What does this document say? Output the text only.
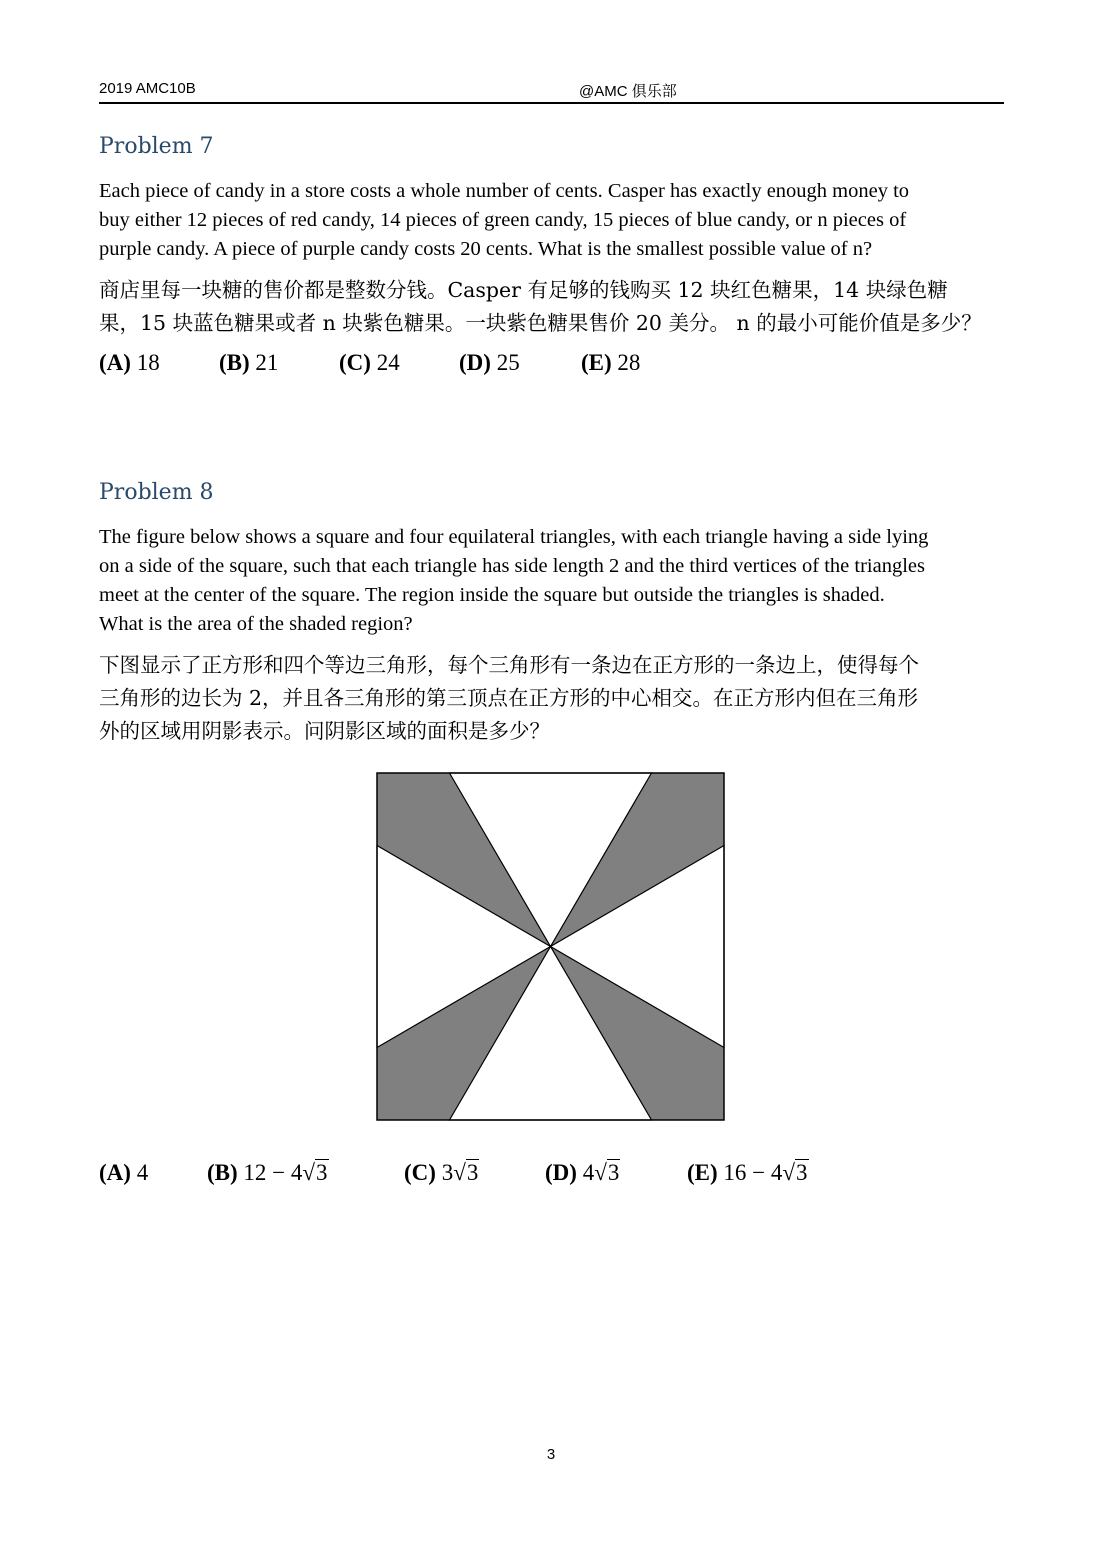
2019 AMC10B	@AMC 俱乐部
Problem 7
Each piece of candy in a store costs a whole number of cents. Casper has exactly enough money to
buy either 12 pieces of red candy, 14 pieces of green candy, 15 pieces of blue candy, or n pieces of
purple candy. A piece of purple candy costs 20 cents. What is the smallest possible value of n?
商店里每一块糖的售价都是整数分钱。Casper 有足够的钱购买 12 块红色糖果，14 块绿色糖
果，15 块蓝色糖果或者 n 块紫色糖果。一块紫色糖果售价 20 美分。 n 的最小可能价值是多少？
(A) 18	(B) 21	(C) 24	(D) 25	(E) 28
Problem 8
The figure below shows a square and four equilateral triangles, with each triangle having a side lying
on a side of the square, such that each triangle has side length 2 and the third vertices of the triangles
meet at the center of the square. The region inside the square but outside the triangles is shaded.
What is the area of the shaded region?
下图显示了正方形和四个等边三角形，每个三角形有一条边在正方形的一条边上，使得每个
三角形的边长为 2，并且各三角形的第三顶点在正方形的中心相交。在正方形内但在三角形
外的区域用阴影表示。问阴影区域的面积是多少？
(A) 4	(B) 12 − 4√3	(C) 3√3	(D) 4√3	(E) 16 − 4√3
3
